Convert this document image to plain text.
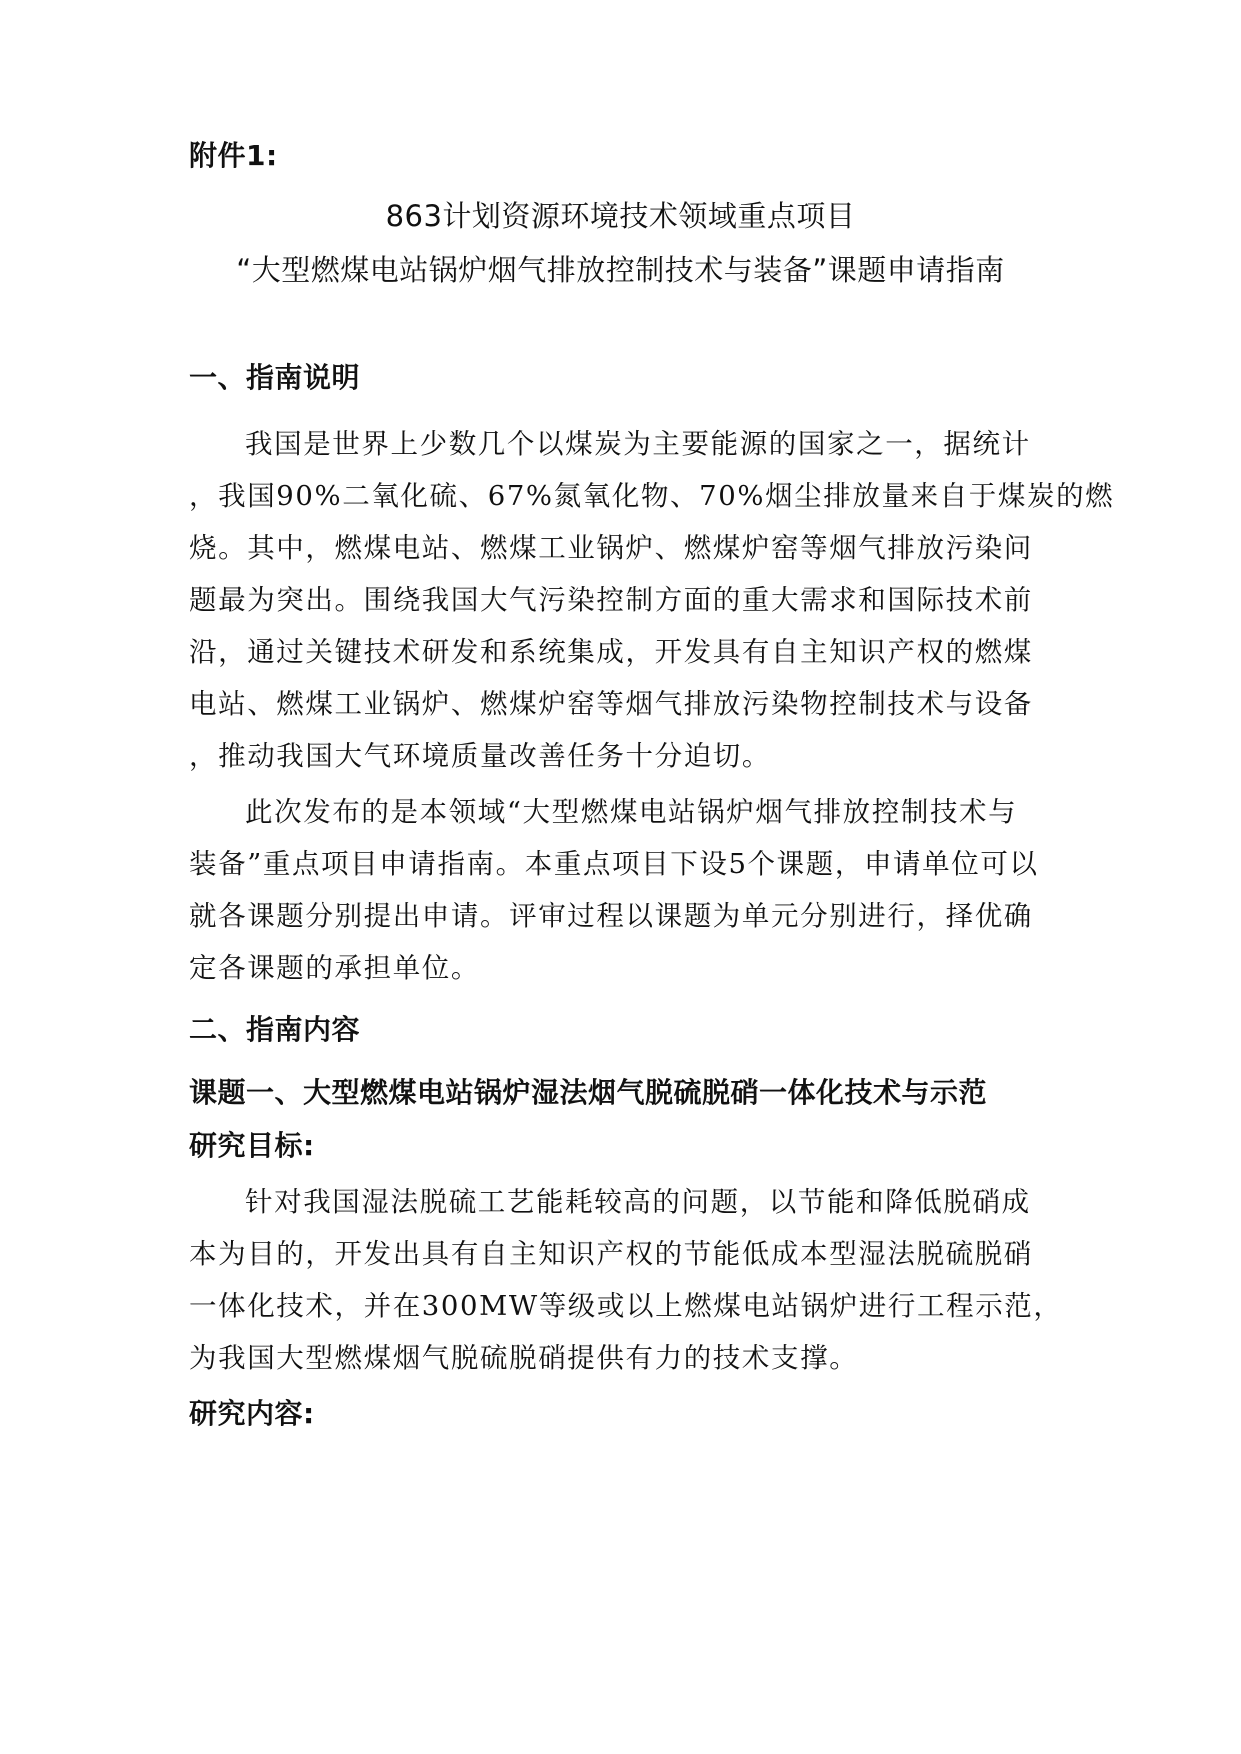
附件1:
863计划资源环境技术领域重点项目
“大型燃煤电站锅炉烟气排放控制技术与装备”课题申请指南
一、指南说明
我国是世界上少数几个以煤炭为主要能源的国家之一，据统计
，我国90%二氧化硫、67%氮氧化物、70%烟尘排放量来自于煤炭的燃
烧。其中，燃煤电站、燃煤工业锅炉、燃煤炉窑等烟气排放污染问
题最为突出。围绕我国大气污染控制方面的重大需求和国际技术前
沿，通过关键技术研发和系统集成，开发具有自主知识产权的燃煤
电站、燃煤工业锅炉、燃煤炉窑等烟气排放污染物控制技术与设备
，推动我国大气环境质量改善任务十分迫切。
此次发布的是本领域“大型燃煤电站锅炉烟气排放控制技术与
装备”重点项目申请指南。本重点项目下设5个课题，申请单位可以
就各课题分别提出申请。评审过程以课题为单元分别进行，择优确
定各课题的承担单位。
二、指南内容
课题一、大型燃煤电站锅炉湿法烟气脱硫脱硝一体化技术与示范
研究目标:
针对我国湿法脱硫工艺能耗较高的问题，以节能和降低脱硝成
本为目的，开发出具有自主知识产权的节能低成本型湿法脱硫脱硝
一体化技术，并在300MW等级或以上燃煤电站锅炉进行工程示范，
为我国大型燃煤烟气脱硫脱硝提供有力的技术支撑。
研究内容:
